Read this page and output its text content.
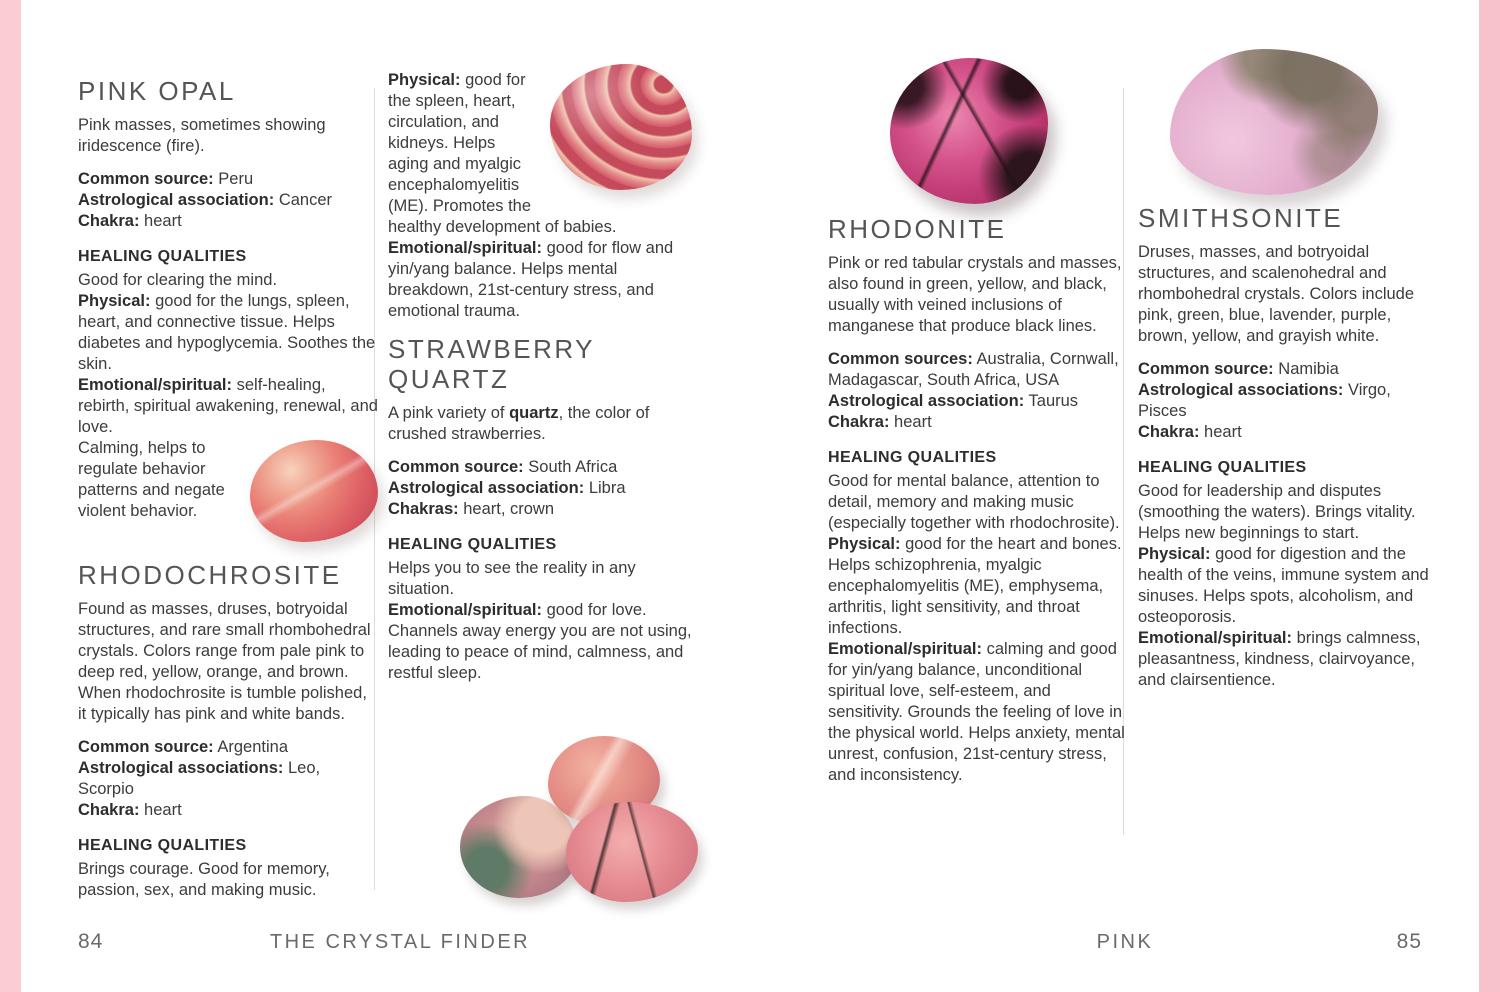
PINK OPAL
Pink masses, sometimes showing iridescence (fire).
Common source: Peru
Astrological association: Cancer
Chakra: heart
HEALING QUALITIES
Good for clearing the mind.
Physical: good for the lungs, spleen, heart, and connective tissue. Helps diabetes and hypoglycemia. Soothes the skin.
Emotional/spiritual: self-healing, rebirth, spiritual awakening, renewal, and love.
Calming, helps to regulate behavior patterns and negate violent behavior.
RHODOCHROSITE
Found as masses, druses, botryoidal structures, and rare small rhombohedral crystals. Colors range from pale pink to deep red, yellow, orange, and brown. When rhodochrosite is tumble polished, it typically has pink and white bands.
Common source: Argentina
Astrological associations: Leo, Scorpio
Chakra: heart
HEALING QUALITIES
Brings courage. Good for memory, passion, sex, and making music.
Physical: good for the spleen, heart, circulation, and kidneys. Helps aging and myalgic encephalomyelitis (ME). Promotes the healthy development of babies.
Emotional/spiritual: good for flow and yin/yang balance. Helps mental breakdown, 21st-century stress, and emotional trauma.
STRAWBERRY QUARTZ
A pink variety of quartz, the color of crushed strawberries.
Common source: South Africa
Astrological association: Libra
Chakras: heart, crown
HEALING QUALITIES
Helps you to see the reality in any situation.
Emotional/spiritual: good for love. Channels away energy you are not using, leading to peace of mind, calmness, and restful sleep.
RHODONITE
Pink or red tabular crystals and masses, also found in green, yellow, and black, usually with veined inclusions of manganese that produce black lines.
Common sources: Australia, Cornwall, Madagascar, South Africa, USA
Astrological association: Taurus
Chakra: heart
HEALING QUALITIES
Good for mental balance, attention to detail, memory and making music (especially together with rhodochrosite).
Physical: good for the heart and bones. Helps schizophrenia, myalgic encephalomyelitis (ME), emphysema, arthritis, light sensitivity, and throat infections.
Emotional/spiritual: calming and good for yin/yang balance, unconditional spiritual love, self-esteem, and sensitivity. Grounds the feeling of love in the physical world. Helps anxiety, mental unrest, confusion, 21st-century stress, and inconsistency.
SMITHSONITE
Druses, masses, and botryoidal structures, and scalenohedral and rhombohedral crystals. Colors include pink, green, blue, lavender, purple, brown, yellow, and grayish white.
Common source: Namibia
Astrological associations: Virgo, Pisces
Chakra: heart
HEALING QUALITIES
Good for leadership and disputes (smoothing the waters). Brings vitality. Helps new beginnings to start.
Physical: good for digestion and the health of the veins, immune system and sinuses. Helps spots, alcoholism, and osteoporosis.
Emotional/spiritual: brings calmness, pleasantness, kindness, clairvoyance, and clairsentience.
84	THE CRYSTAL FINDER	PINK	85
